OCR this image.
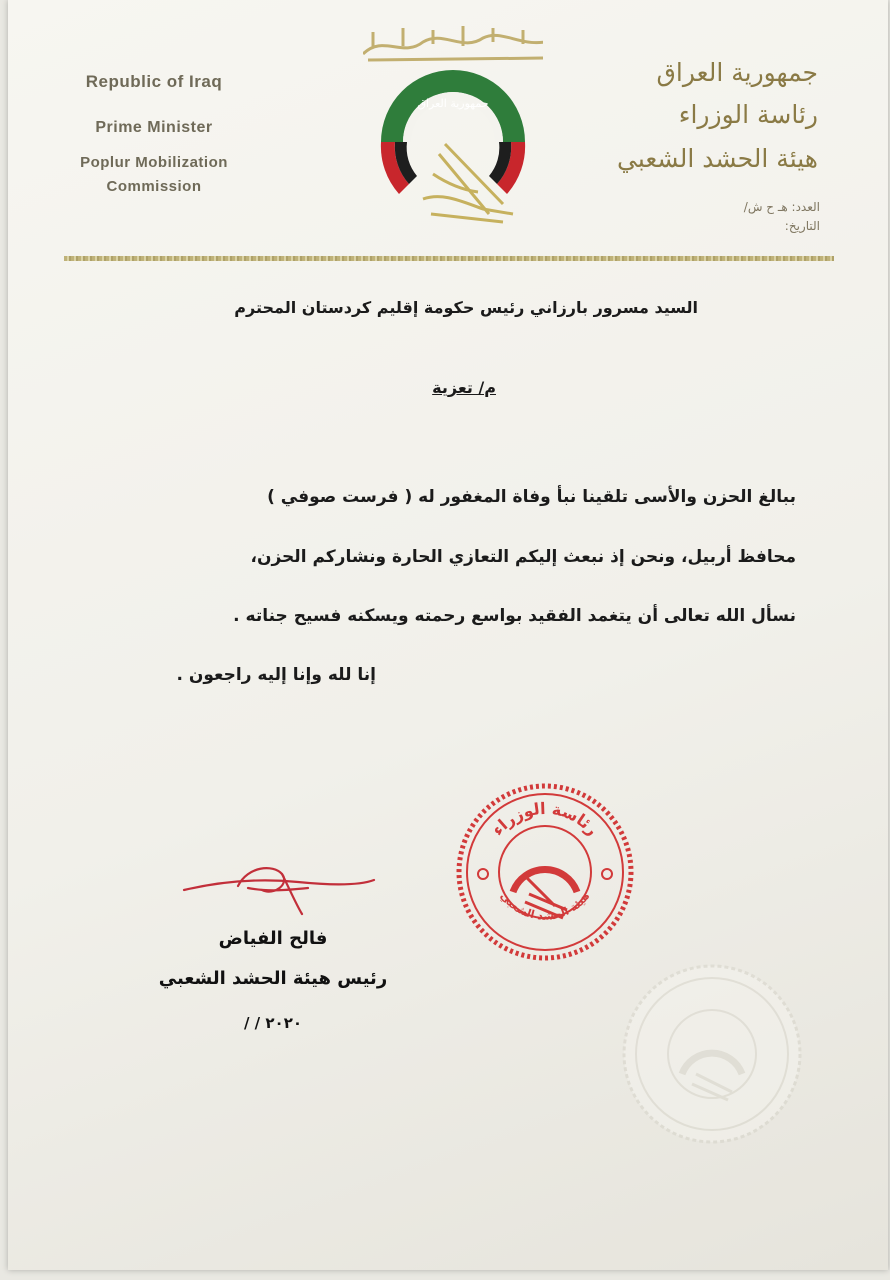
Republic of Iraq
Prime Minister
Poplur Mobilization
Commission
جمهورية العراق
جمهورية العراق
رئاسة الوزراء
هيئة الحشد الشعبي
العدد: هـ ح ش/
التاريخ:
السيد مسرور بارزاني رئيس حكومة إقليم كردستان المحترم
م/ تعزية
ببالغ الحزن والأسى تلقينا نبأ وفاة المغفور له ( فرست صوفي )
محافظ أربيل، ونحن إذ نبعث إليكم التعازي الحارة ونشاركم الحزن،
نسأل الله تعالى أن يتغمد الفقيد بواسع رحمته ويسكنه فسيح جناته .
إنا لله وإنا إليه راجعون .
فالح الفياض
رئيس هيئة الحشد الشعبي
/ / ٢٠٢٠
رئاسة الوزراء
هيئة الحشد الشعبي
